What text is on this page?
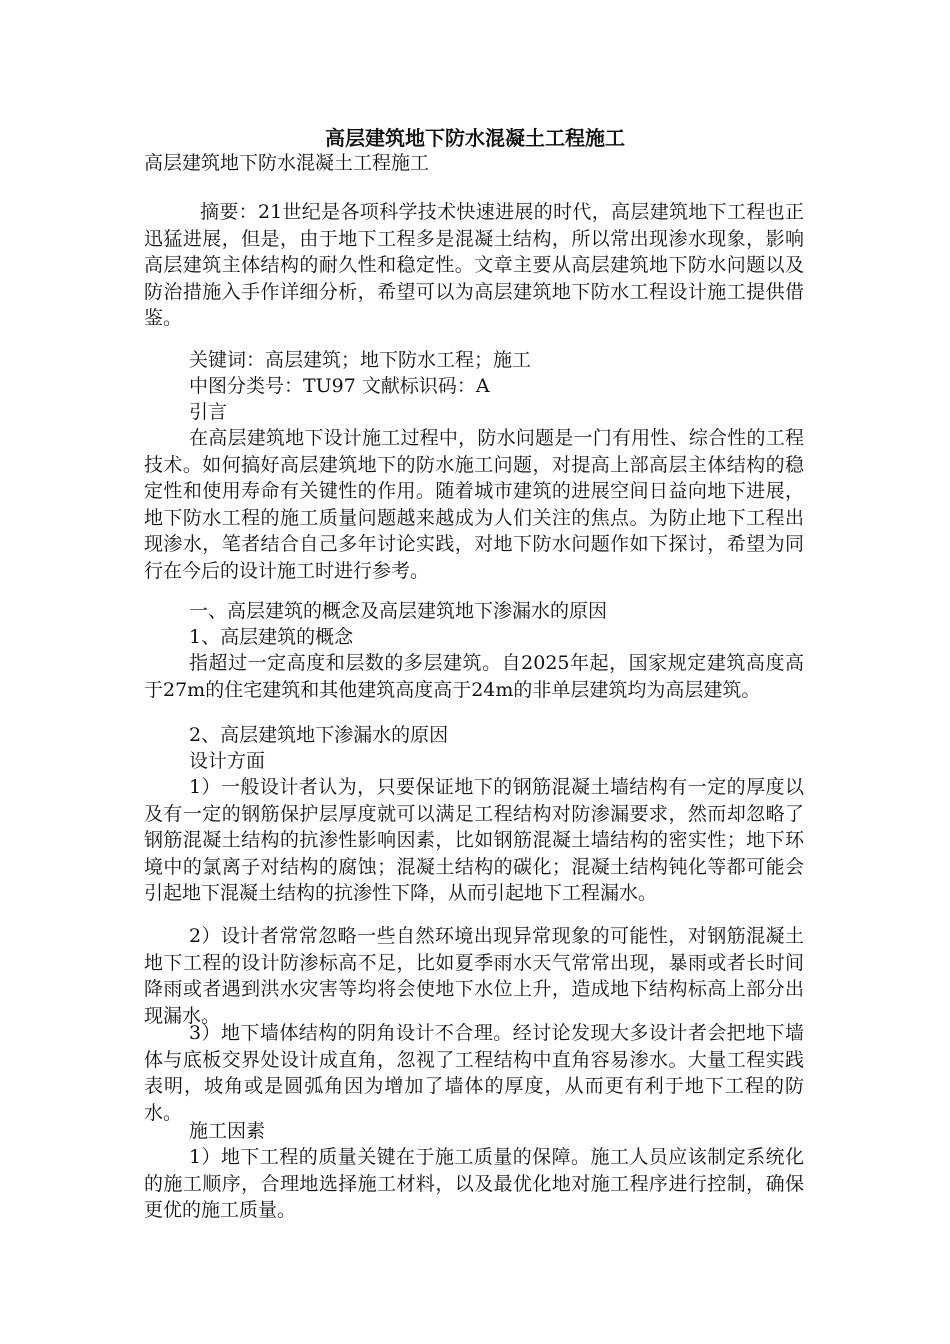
高层建筑地下防水混凝土工程施工
高层建筑地下防水混凝土工程施工

摘要：21世纪是各项科学技术快速进展的时代，高层建筑地下工程也正迅猛进展，但是，由于地下工程多是混凝土结构，所以常出现渗水现象，影响高层建筑主体结构的耐久性和稳定性。文章主要从高层建筑地下防水问题以及防治措施入手作详细分析，希望可以为高层建筑地下防水工程设计施工提供借鉴。

关键词：高层建筑；地下防水工程；施工
中图分类号：TU97 文献标识码：A
引言

在高层建筑地下设计施工过程中，防水问题是一门有用性、综合性的工程技术。如何搞好高层建筑地下的防水施工问题，对提高上部高层主体结构的稳定性和使用寿命有关键性的作用。随着城市建筑的进展空间日益向地下进展，地下防水工程的施工质量问题越来越成为人们关注的焦点。为防止地下工程出现渗水，笔者结合自己多年讨论实践，对地下防水问题作如下探讨，希望为同行在今后的设计施工时进行参考。

一、高层建筑的概念及高层建筑地下渗漏水的原因
1、高层建筑的概念

指超过一定高度和层数的多层建筑。自2025年起，国家规定建筑高度高于27m的住宅建筑和其他建筑高度高于24m的非单层建筑均为高层建筑。

2、高层建筑地下渗漏水的原因
设计方面

1）一般设计者认为，只要保证地下的钢筋混凝土墙结构有一定的厚度以及有一定的钢筋保护层厚度就可以满足工程结构对防渗漏要求，然而却忽略了钢筋混凝土结构的抗渗性影响因素，比如钢筋混凝土墙结构的密实性；地下环境中的氯离子对结构的腐蚀；混凝土结构的碳化；混凝土结构钝化等都可能会引起地下混凝土结构的抗渗性下降，从而引起地下工程漏水。

2）设计者常常忽略一些自然环境出现异常现象的可能性，对钢筋混凝土地下工程的设计防渗标高不足，比如夏季雨水天气常常出现，暴雨或者长时间降雨或者遇到洪水灾害等均将会使地下水位上升，造成地下结构标高上部分出现漏水。

3）地下墙体结构的阴角设计不合理。经讨论发现大多设计者会把地下墙体与底板交界处设计成直角，忽视了工程结构中直角容易渗水。大量工程实践表明，坡角或是圆弧角因为增加了墙体的厚度，从而更有利于地下工程的防水。

施工因素

1）地下工程的质量关键在于施工质量的保障。施工人员应该制定系统化的施工顺序，合理地选择施工材料，以及最优化地对施工程序进行控制，确保更优的施工质量。
